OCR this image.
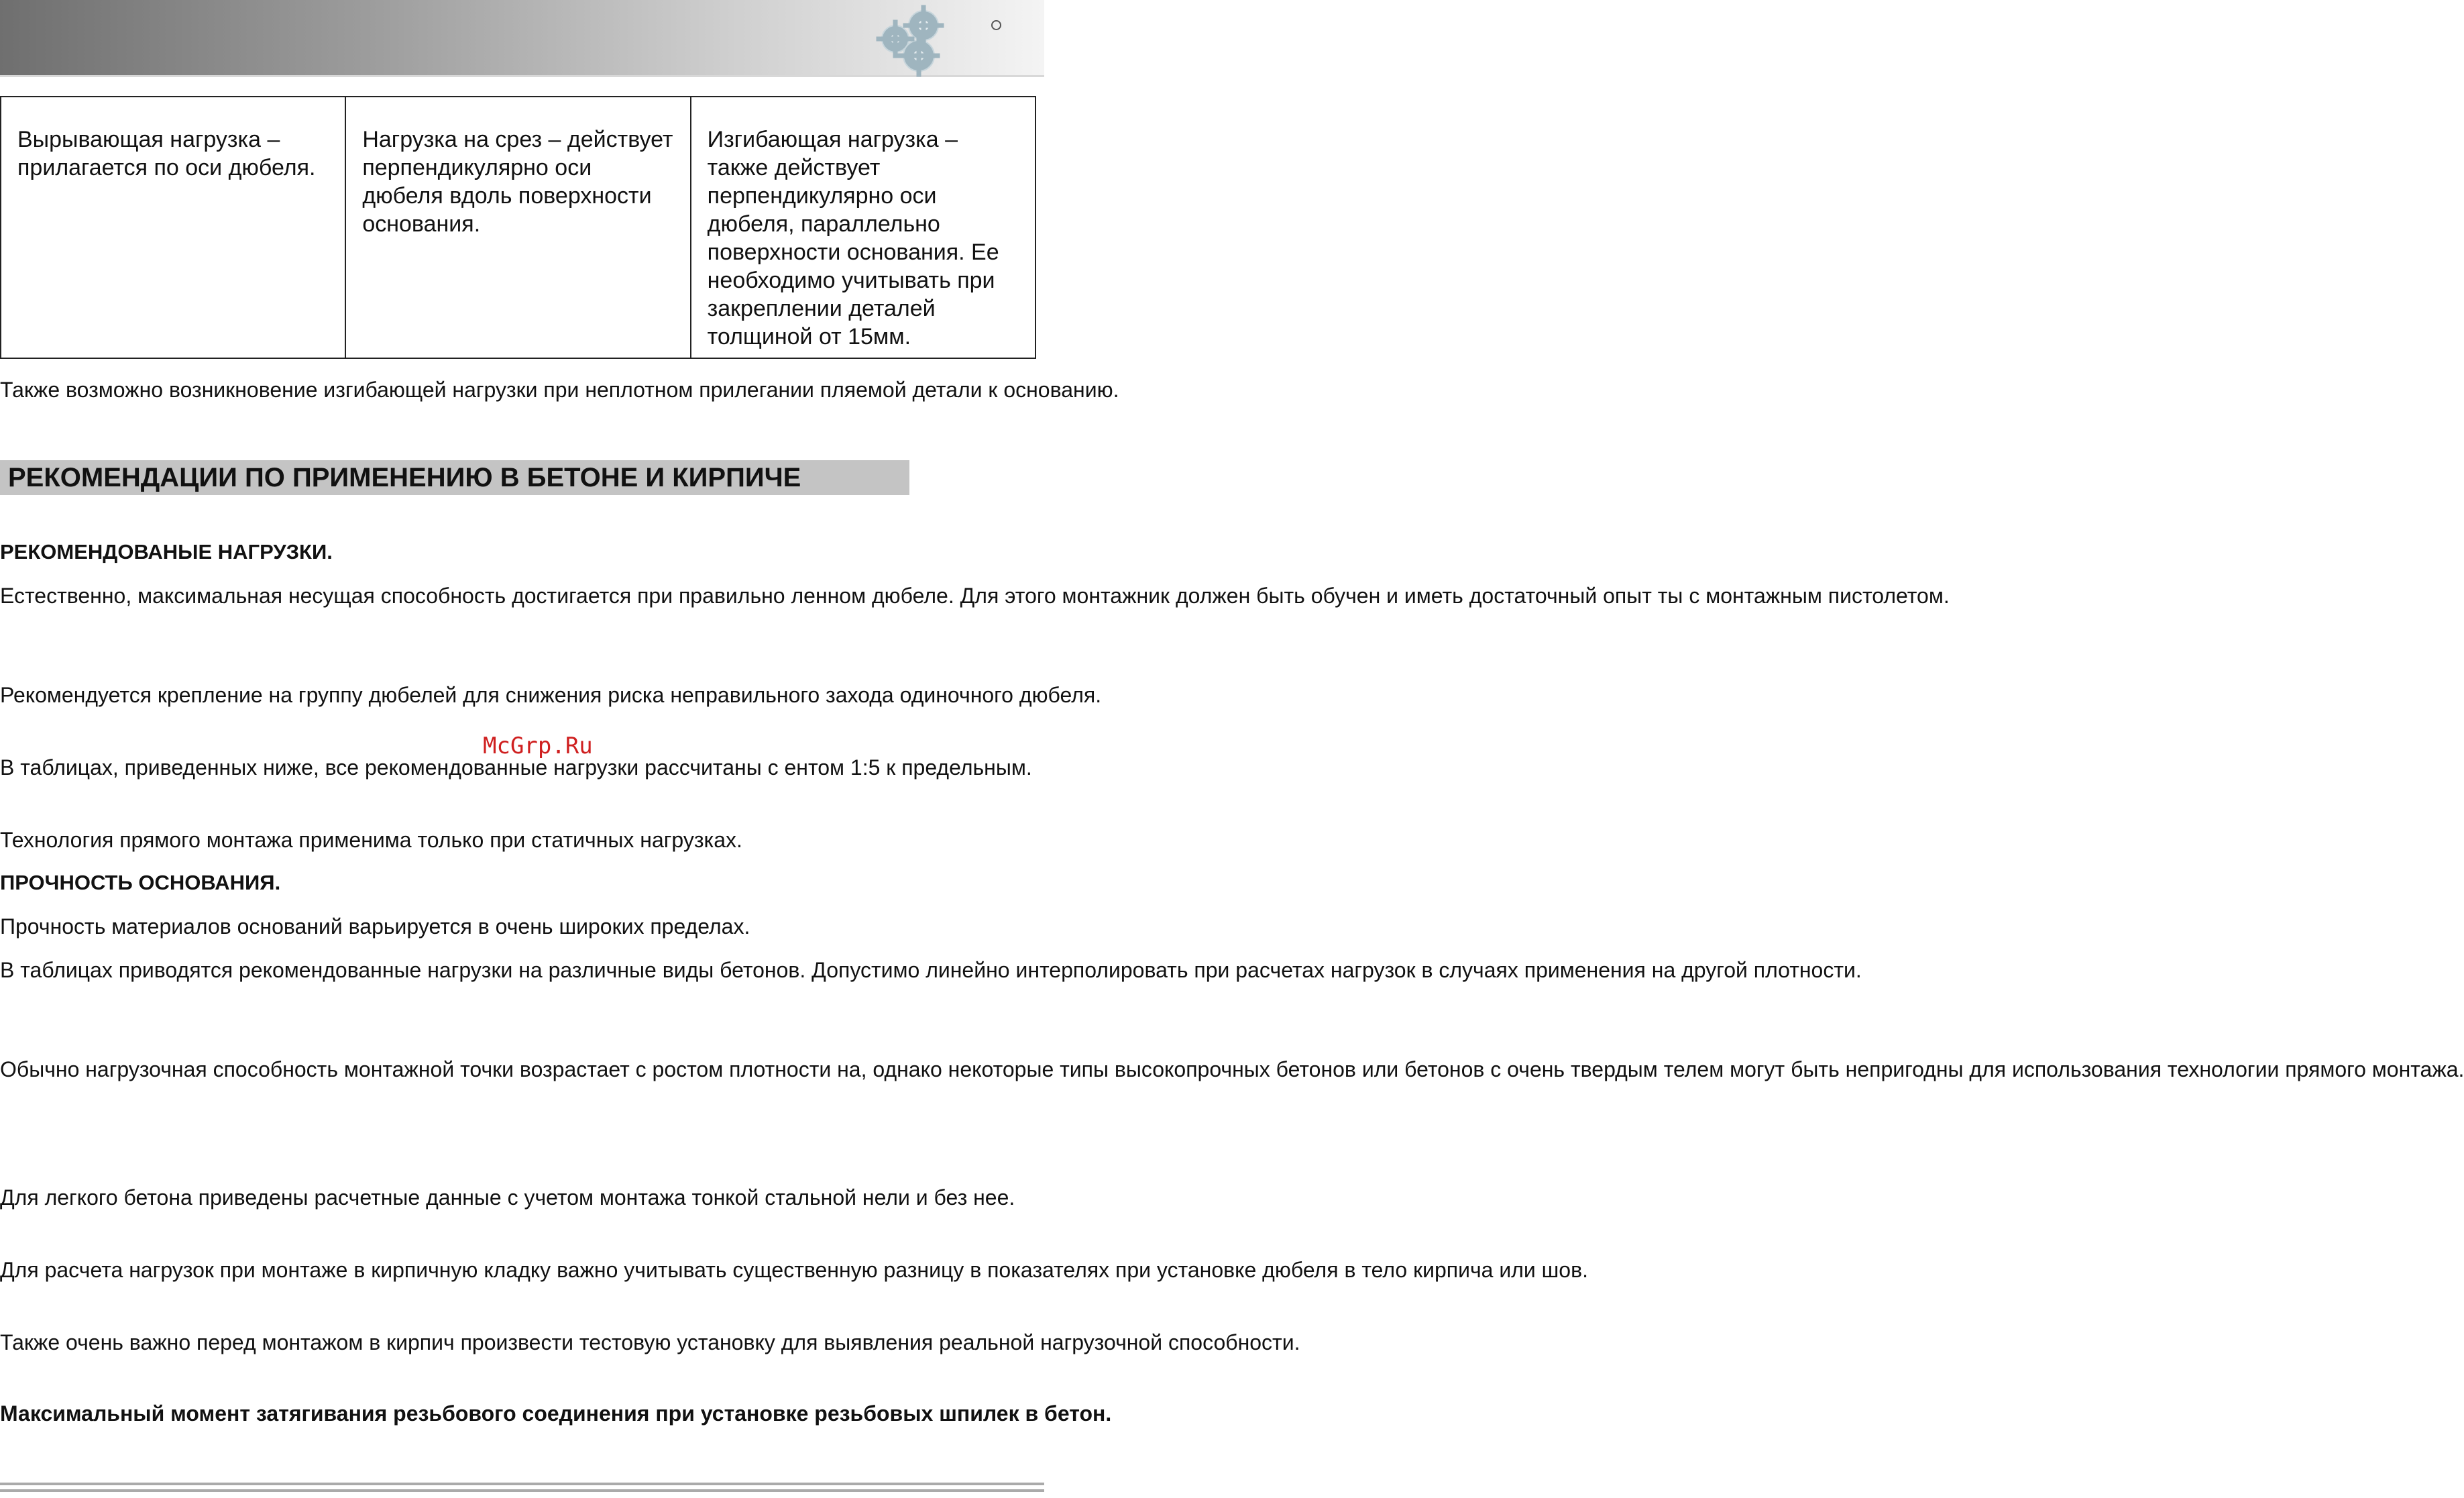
Вырывающая нагрузка – прилагается по оси дюбеля.	Нагрузка на срез – действует перпендикулярно оси дюбеля вдоль поверхности основания.	Изгибающая нагрузка – также действует перпендикулярно оси дюбеля, параллельно поверхности основания. Ее необходимо учитывать при закреплении деталей толщиной от 15мм.
Также возможно возникновение изгибающей нагрузки при неплотном прилегании пляемой детали к основанию.
РЕКОМЕНДАЦИИ ПО ПРИМЕНЕНИЮ В БЕТОНЕ И КИРПИЧЕ
РЕКОМЕНДОВАНЫЕ НАГРУЗКИ.
Естественно, максимальная несущая способность достигается при правильно ленном дюбеле. Для этого монтажник должен быть обучен и иметь достаточный опыт ты с монтажным пистолетом.
Рекомендуется крепление на группу дюбелей для снижения риска неправильного захода одиночного дюбеля.
В таблицах, приведенных ниже, все рекомендованные нагрузки рассчитаны с ентом 1:5 к предельным.
Технология прямого монтажа применима только при статичных нагрузках.
ПРОЧНОСТЬ ОСНОВАНИЯ.
Прочность материалов оснований варьируется в очень широких пределах.
В таблицах приводятся рекомендованные нагрузки на различные виды бетонов. Допустимо линейно интерполировать при расчетах нагрузок в случаях применения на другой плотности.
Обычно нагрузочная способность монтажной точки возрастает с ростом плотности на, однако некоторые типы высокопрочных бетонов или бетонов с очень твердым телем могут быть непригодны для использования технологии прямого монтажа.
Для легкого бетона приведены расчетные данные с учетом монтажа тонкой стальной нели и без нее.
Для расчета нагрузок при монтаже в кирпичную кладку важно учитывать существенную разницу в показателях при установке дюбеля в тело кирпича или шов.
Также очень важно перед монтажом в кирпич произвести тестовую установку для выявления реальной нагрузочной способности.
Максимальный момент затягивания резьбового соединения при установке резьбовых шпилек в бетон.
McGrp.Ru
